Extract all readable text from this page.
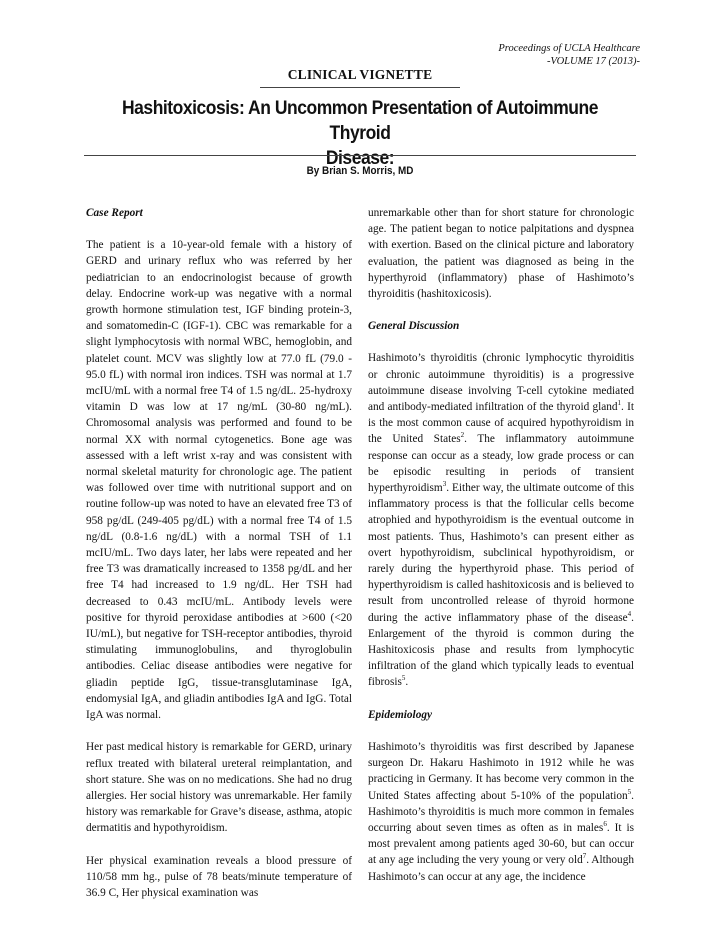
Proceedings of UCLA Healthcare
-VOLUME 17 (2013)-
CLINICAL VIGNETTE
Hashitoxicosis: An Uncommon Presentation of Autoimmune Thyroid
Disease:
By Brian S. Morris, MD
Case Report

The patient is a 10-year-old female with a history of GERD and urinary reflux who was referred by her pediatrician to an endocrinologist because of growth delay. Endocrine work-up was negative with a normal growth hormone stimulation test, IGF binding protein-3, and somatomedin-C (IGF-1). CBC was remarkable for a slight lymphocytosis with normal WBC, hemoglobin, and platelet count. MCV was slightly low at 77.0 fL (79.0 - 95.0 fL) with normal iron indices. TSH was normal at 1.7 mcIU/mL with a normal free T4 of 1.5 ng/dL. 25-hydroxy vitamin D was low at 17 ng/mL (30-80 ng/mL). Chromosomal analysis was performed and found to be normal XX with normal cytogenetics. Bone age was assessed with a left wrist x-ray and was consistent with normal skeletal maturity for chronologic age. The patient was followed over time with nutritional support and on routine follow-up was noted to have an elevated free T3 of 958 pg/dL (249-405 pg/dL) with a normal free T4 of 1.5 ng/dL (0.8-1.6 ng/dL) with a normal TSH of 1.1 mcIU/mL. Two days later, her labs were repeated and her free T3 was dramatically increased to 1358 pg/dL and her free T4 had increased to 1.9 ng/dL. Her TSH had decreased to 0.43 mcIU/mL. Antibody levels were positive for thyroid peroxidase antibodies at >600 (<20 IU/mL), but negative for TSH-receptor antibodies, thyroid stimulating immunoglobulins, and thyroglobulin antibodies. Celiac disease antibodies were negative for gliadin peptide IgG, tissue-transglutaminase IgA, endomysial IgA, and gliadin antibodies IgA and IgG. Total IgA was normal.

Her past medical history is remarkable for GERD, urinary reflux treated with bilateral ureteral reimplantation, and short stature. She was on no medications. She had no drug allergies. Her social history was unremarkable. Her family history was remarkable for Grave’s disease, asthma, atopic dermatitis and hypothyroidism.

Her physical examination reveals a blood pressure of 110/58 mm hg., pulse of 78 beats/minute temperature of 36.9 C, Her physical examination was

unremarkable other than for short stature for chronologic age. The patient began to notice palpitations and dyspnea with exertion. Based on the clinical picture and laboratory evaluation, the patient was diagnosed as being in the hyperthyroid (inflammatory) phase of Hashimoto’s thyroiditis (hashitoxicosis).

General Discussion

Hashimoto’s thyroiditis (chronic lymphocytic thyroiditis or chronic autoimmune thyroiditis) is a progressive autoimmune disease involving T-cell cytokine mediated and antibody-mediated infiltration of the thyroid gland$^1$. It is the most common cause of acquired hypothyroidism in the United States$^2$. The inflammatory autoimmune response can occur as a steady, low grade process or can be episodic resulting in periods of transient hyperthyroidism$^3$. Either way, the ultimate outcome of this inflammatory process is that the follicular cells become atrophied and hypothyroidism is the eventual outcome in most patients. Thus, Hashimoto’s can present either as overt hypothyroidism, subclinical hypothyroidism, or rarely during the hyperthyroid phase. This period of hyperthyroidism is called hashitoxicosis and is believed to result from uncontrolled release of thyroid hormone during the active inflammatory phase of the disease$^4$. Enlargement of the thyroid is common during the Hashitoxicosis phase and results from lymphocytic infiltration of the gland which typically leads to eventual fibrosis$^5$.

Epidemiology

Hashimoto’s thyroiditis was first described by Japanese surgeon Dr. Hakaru Hashimoto in 1912 while he was practicing in Germany. It has become very common in the United States affecting about 5-10% of the population$^5$. Hashimoto’s thyroiditis is much more common in females occurring about seven times as often as in males$^6$. It is most prevalent among patients aged 30-60, but can occur at any age including the very young or very old$^7$. Although Hashimoto’s can occur at any age, the incidence
